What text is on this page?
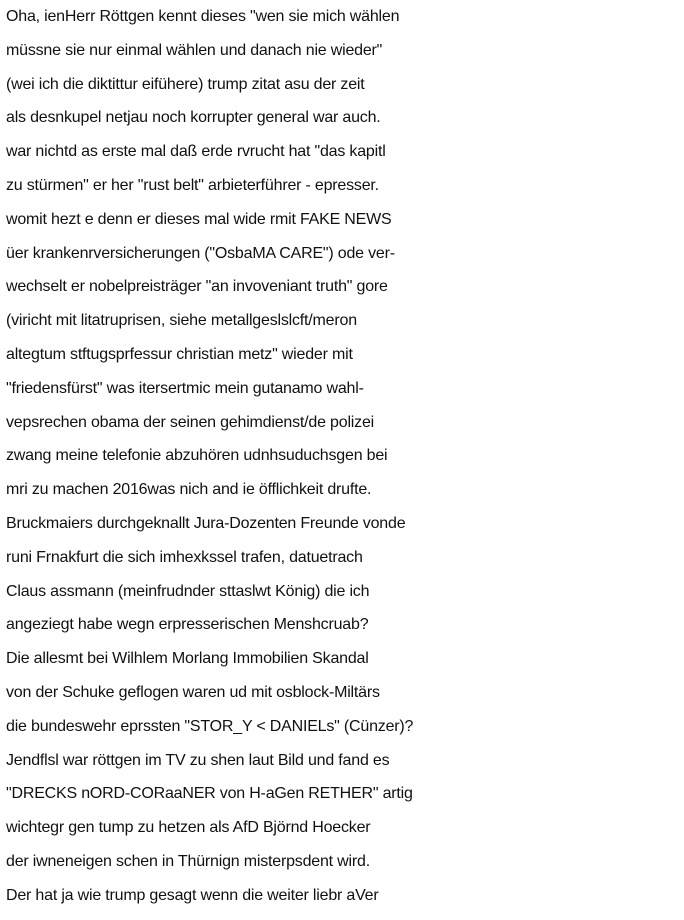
Oha, ienHerr Röttgen kennt dieses "wen sie mich wählen
müssne sie nur einmal wählen und danach nie wieder"
(wei ich die diktittur eifühere) trump zitat asu der zeit
als desnkupel netjau noch korrupter general war auch.
war nichtd as erste mal daß erde rvrucht hat "das kapitl
zu stürmen" er her "rust belt" arbieterführer - epresser.
womit hezt e denn er dieses mal wide rmit FAKE NEWS
üer krankenrversicherungen ("OsbaMA CARE") ode ver-
wechselt er nobelpreisträger "an invoveniant truth" gore
(viricht mit litatruprisen, siehe metallgeslslcft/meron
altegtum stftugsprfessur christian metz" wieder mit
"friedensfürst" was itersertmic mein gutanamo wahl-
vepsrechen obama der seinen gehimdienst/de polizei
zwang meine telefonie abzuhören udnhsuduchsgen bei
mri zu machen 2016was nich and ie öfflichkeit drufte.
Bruckmaiers durchgeknallt Jura-Dozenten Freunde vonde
runi Frnakfurt die sich imhexkssel trafen, datuetrach
Claus assmann (meinfrudnder sttaslwt König) die ich
angeziegt habe wegn erpresserischen Menshcruab?
Die allesmt bei Wilhlem Morlang Immobilien Skandal
von der Schuke geflogen waren ud mit osblock-Miltärs
die bundeswehr eprssten "STOR_Y < DANIELs" (Cünzer)?
Jendflsl war röttgen im TV zu shen laut Bild und fand es
"DRECKS nORD-CORaaNER von H-aGen RETHER" artig
wichtegr gen tump zu hetzen als AfD Björnd Hoecker
der iwneneigen schen in Thürnign misterpsdent wird.
Der hat ja wie trump gesagt wenn die weiter liebr aVer
